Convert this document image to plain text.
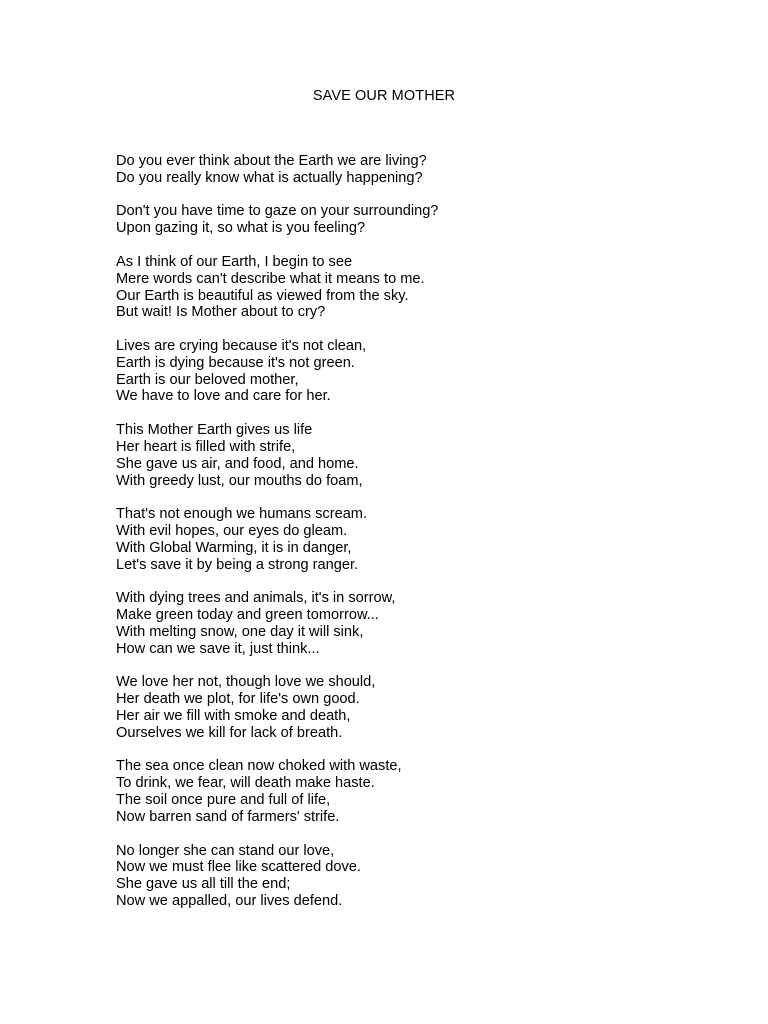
SAVE OUR MOTHER
Do you ever think about the Earth we are living?
Do you really know what is actually happening?
Don't you have time to gaze on your surrounding?
Upon gazing it, so what is you feeling?
As I think of our Earth, I begin to see
Mere words can't describe what it means to me.
Our Earth is beautiful as viewed from the sky.
But wait! Is Mother about to cry?
Lives are crying because it's not clean,
Earth is dying because it's not green.
Earth is our beloved mother,
We have to love and care for her.
This Mother Earth gives us life
Her heart is filled with strife,
She gave us air, and food, and home.
With greedy lust, our mouths do foam,
That's not enough we humans scream.
With evil hopes, our eyes do gleam.
With Global Warming, it is in danger,
Let's save it by being a strong ranger.
With dying trees and animals, it's in sorrow,
Make green today and green tomorrow...
With melting snow, one day it will sink,
How can we save it, just think...
We love her not, though love we should,
Her death we plot, for life's own good.
Her air we fill with smoke and death,
Ourselves we kill for lack of breath.
The sea once clean now choked with waste,
To drink, we fear, will death make haste.
The soil once pure and full of life,
Now barren sand of farmers' strife.
No longer she can stand our love,
Now we must flee like scattered dove.
She gave us all till the end;
Now we appalled, our lives defend.
